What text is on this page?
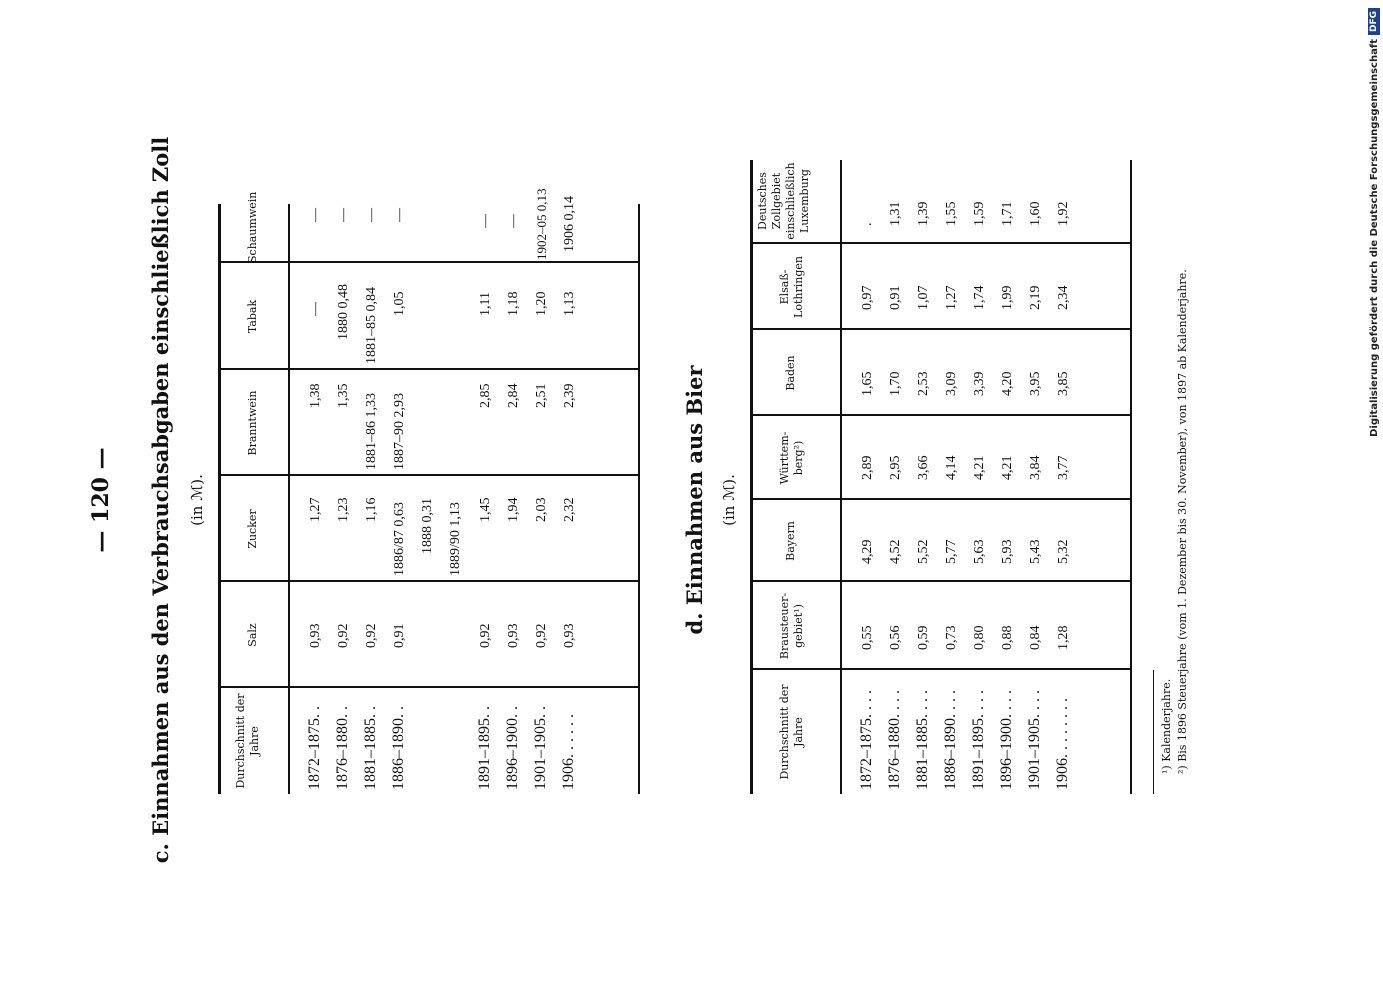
— 120 — c. Einnahmen aus den Verbrauchsabgaben einschließlich Zoll (in ℳ).
Durchschnitt der Jahre
Salz
Zucker
Branntwein
Tabak
Schaumwein
1872–1875. .
0,93
1,27
1,38
—
—
1876–1880. .
0,92
1,23
1,35
1880 0,48
—
1881–1885. .
0,92
1,16
1881–86 1,33
1881–85 0,84
—
1886–1890. .
0,91
1886/87 0,63
1887–90 2,93
1,05
—
1888 0,31 1889/90 1,13
1891–1895. .
0,92
1,45
2,85
1,11
—
1896–1900. .
0,93
1,94
2,84
1,18
—
1901–1905. .
0,92
2,03
2,51
1,20
1902–05 0,13
1906. . . . . .
0,93
2,32
2,39
1,13
1906 0,14
d. Einnahmen aus Bier (in ℳ).
Durchschnitt der Jahre
Brausteuer-gebiet¹)
Bayern
Württem-berg²)
Baden
Elsaß-Lothringen
Deutsches Zollgebiet einschließlich Luxemburg
1872–1875. . . .
0,55
4,29
2,89
1,65
0,97
.
1876–1880. . . .
0,56
4,52
2,95
1,70
0,91
1,31
1881–1885. . . .
0,59
5,52
3,66
2,53
1,07
1,39
1886–1890. . . .
0,73
5,77
4,14
3,09
1,27
1,55
1891–1895. . . .
0,80
5,63
4,21
3,39
1,74
1,59
1896–1900. . . .
0,88
5,93
4,21
4,20
1,99
1,71
1901–1905. . . .
0,84
5,43
3,84
3,95
2,19
1,60
1906. . . . . . . .
1,28
5,32
3,77
3,85
2,34
1,92
¹) Kalenderjahre. ²) Bis 1896 Steuerjahre (vom 1. Dezember bis 30. November), von 1897 ab Kalenderjahre.
Digitalisierung gefördert durch die Deutsche Forschungsgemeinschaft
DFG
